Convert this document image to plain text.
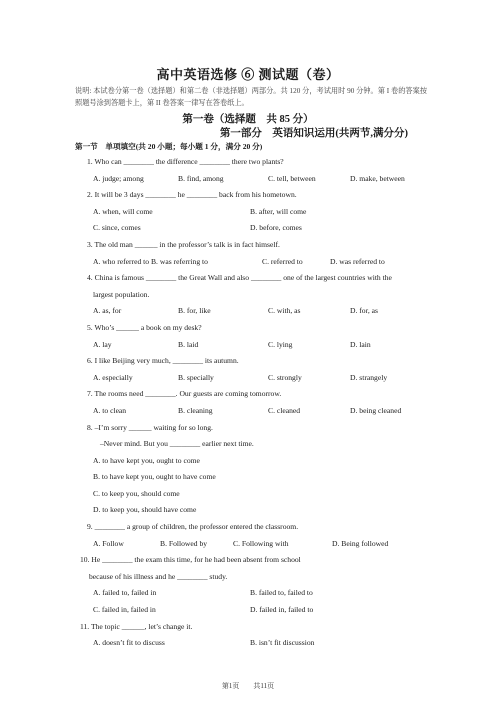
高中英语选修 ⑥ 测试题（卷）
说明: 本试卷分第一卷（选择题）和第二卷（非选择题）两部分。共 120 分，考试用时 90 分钟。第 I 卷的答案按照题号涂到答题卡上，第 II 卷答案一律写在答卷纸上。
第一卷（选择题　共 85 分）
第一部分　英语知识运用(共两节,满分分)
第一节　单项填空(共 20 小题；每小题 1 分，满分 20 分)
1. Who can ________ the difference ________ there two plants?
A. judge; among	B. find, among	C. tell, between	D. make, between
2. It will be 3 days ________ he ________ back from his hometown.
A. when, will come	B. after, will come
C. since, comes	D. before, comes
3. The old man ______ in the professor’s talk is in fact himself.
A. who referred to B. was referring to	C. referred to	D. was referred to
4. China is famous ________ the Great Wall and also ________ one of the largest countries with the
largest population.
A. as, for	B. for, like	C. with, as	D. for, as
5. Who’s ______ a book on my desk?
A. lay	B. laid	C. lying	D. lain
6. I like Beijing very much, ________ its autumn.
A. especially	B. specially	C. strongly	D. strangely
7. The rooms need ________. Our guests are coming tomorrow.
A. to clean	B. cleaning	C. cleaned	D. being cleaned
8. –I’m sorry ______ waiting for so long.
–Never mind. But you ________ earlier next time.
A. to have kept you, ought to come
B. to have kept you, ought to have come
C. to keep you, should come
D. to keep you, should have come
9. ________ a group of children, the professor entered the classroom.
A. Follow	B. Followed by	C. Following with	D. Being followed
10. He ________ the exam this time, for he had been absent from school
because of his illness and he ________ study.
A. failed to, failed in	B. failed to, failed to
C. failed in, failed in	D. failed in, failed to
11. The topic ______, let’s change it.
A. doesn’t fit to discuss	B. isn’t fit discussion
第1页　　共11页
